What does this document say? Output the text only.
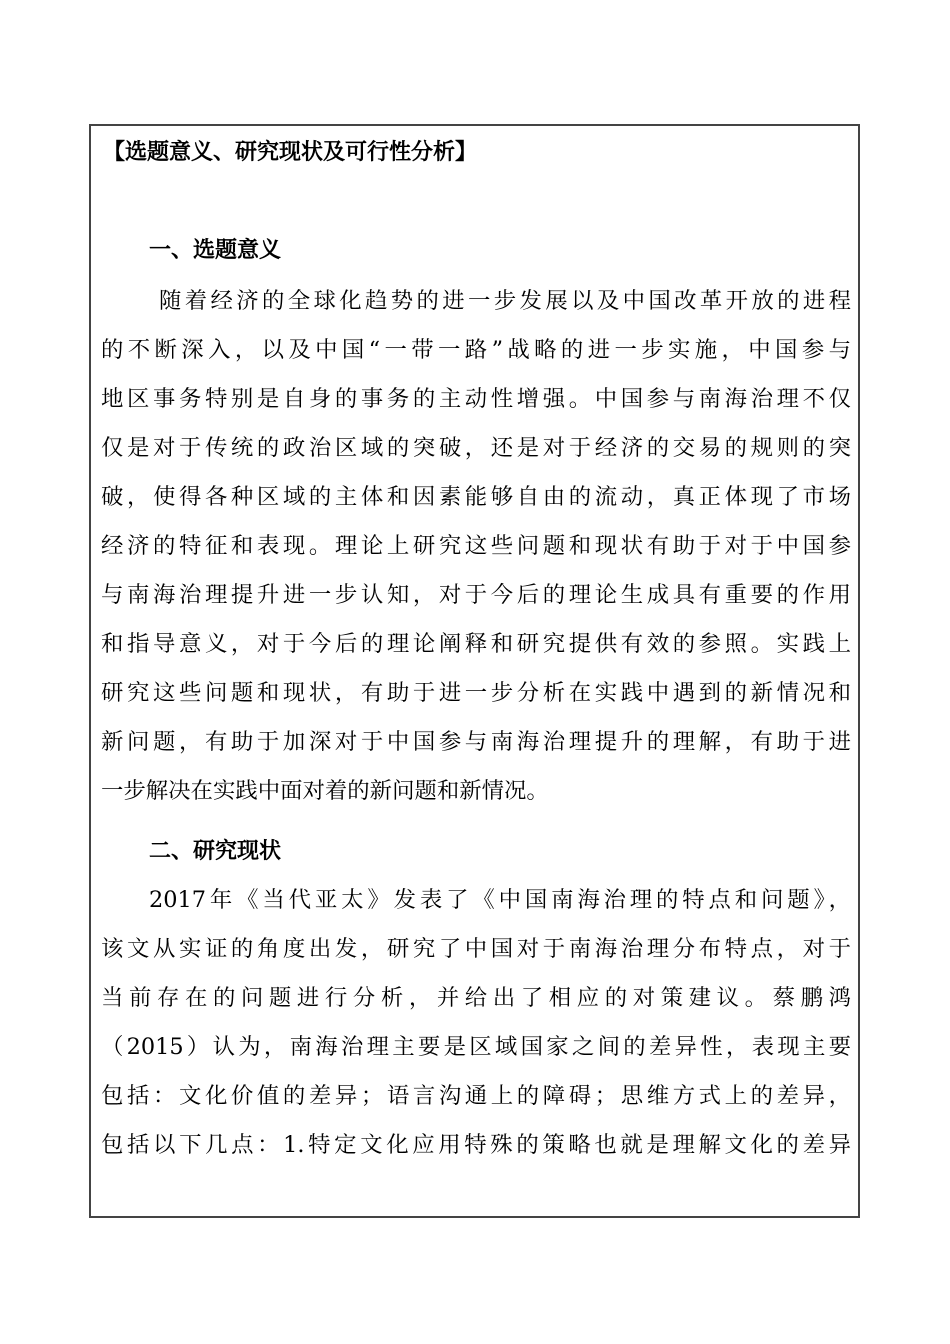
【选题意义、研究现状及可行性分析】
一、选题意义
随着经济的全球化趋势的进一步发展以及中国改革开放的进程
的不断深入，以及中国“一带一路”战略的进一步实施，中国参与
地区事务特别是自身的事务的主动性增强。中国参与南海治理不仅
仅是对于传统的政治区域的突破，还是对于经济的交易的规则的突
破，使得各种区域的主体和因素能够自由的流动，真正体现了市场
经济的特征和表现。理论上研究这些问题和现状有助于对于中国参
与南海治理提升进一步认知，对于今后的理论生成具有重要的作用
和指导意义，对于今后的理论阐释和研究提供有效的参照。实践上
研究这些问题和现状，有助于进一步分析在实践中遇到的新情况和
新问题，有助于加深对于中国参与南海治理提升的理解，有助于进
一步解决在实践中面对着的新问题和新情况。
二、研究现状
2017年《当代亚太》发表了《中国南海治理的特点和问题》，
该文从实证的角度出发，研究了中国对于南海治理分布特点，对于
当前存在的问题进行分析，并给出了相应的对策建议。蔡鹏鸿
（2015）认为，南海治理主要是区域国家之间的差异性，表现主要
包括：文化价值的差异；语言沟通上的障碍；思维方式上的差异，
包括以下几点：1.特定文化应用特殊的策略也就是理解文化的差异
